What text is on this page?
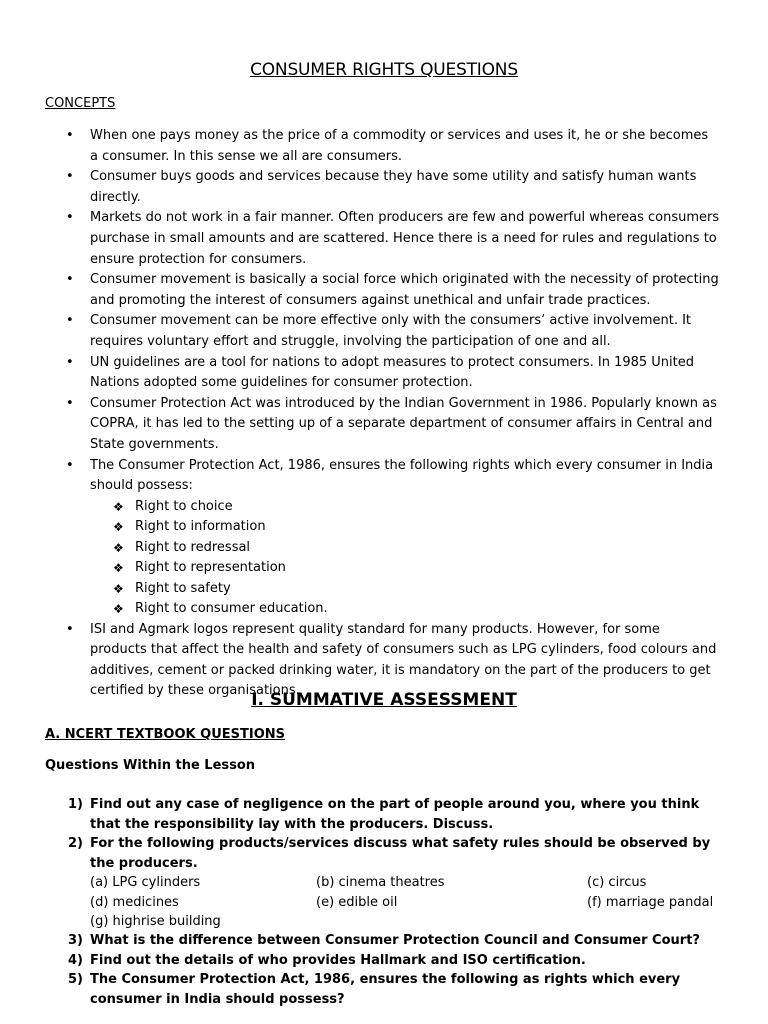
CONSUMER RIGHTS QUESTIONS
CONCEPTS
• When one pays money as the price of a commodity or services and uses it, he or she becomes a consumer. In this sense we all are consumers.
• Consumer buys goods and services because they have some utility and satisfy human wants directly.
• Markets do not work in a fair manner. Often producers are few and powerful whereas consumers purchase in small amounts and are scattered. Hence there is a need for rules and regulations to ensure protection for consumers.
• Consumer movement is basically a social force which originated with the necessity of protecting and promoting the interest of consumers against unethical and unfair trade practices.
• Consumer movement can be more effective only with the consumers’ active involvement. It requires voluntary effort and struggle, involving the participation of one and all.
• UN guidelines are a tool for nations to adopt measures to protect consumers. In 1985 United Nations adopted some guidelines for consumer protection.
• Consumer Protection Act was introduced by the Indian Government in 1986. Popularly known as COPRA, it has led to the setting up of a separate department of consumer affairs in Central and State governments.
• The Consumer Protection Act, 1986, ensures the following rights which every consumer in India should possess:
❖ Right to choice
❖ Right to information
❖ Right to redressal
❖ Right to representation
❖ Right to safety
❖ Right to consumer education.
• ISI and Agmark logos represent quality standard for many products. However, for some products that affect the health and safety of consumers such as LPG cylinders, food colours and additives, cement or packed drinking water, it is mandatory on the part of the producers to get certified by these organisations.
I. SUMMATIVE ASSESSMENT
A. NCERT TEXTBOOK QUESTIONS
Questions Within the Lesson
1) Find out any case of negligence on the part of people around you, where you think that the responsibility lay with the producers. Discuss.
2) For the following products/services discuss what safety rules should be observed by the producers.
(a) LPG cylinders	(b) cinema theatres	(c) circus
(d) medicines	(e) edible oil	(f) marriage pandal
(g) highrise building
3) What is the difference between Consumer Protection Council and Consumer Court?
4) Find out the details of who provides Hallmark and ISO certification.
5) The Consumer Protection Act, 1986, ensures the following as rights which every consumer in India should possess?
